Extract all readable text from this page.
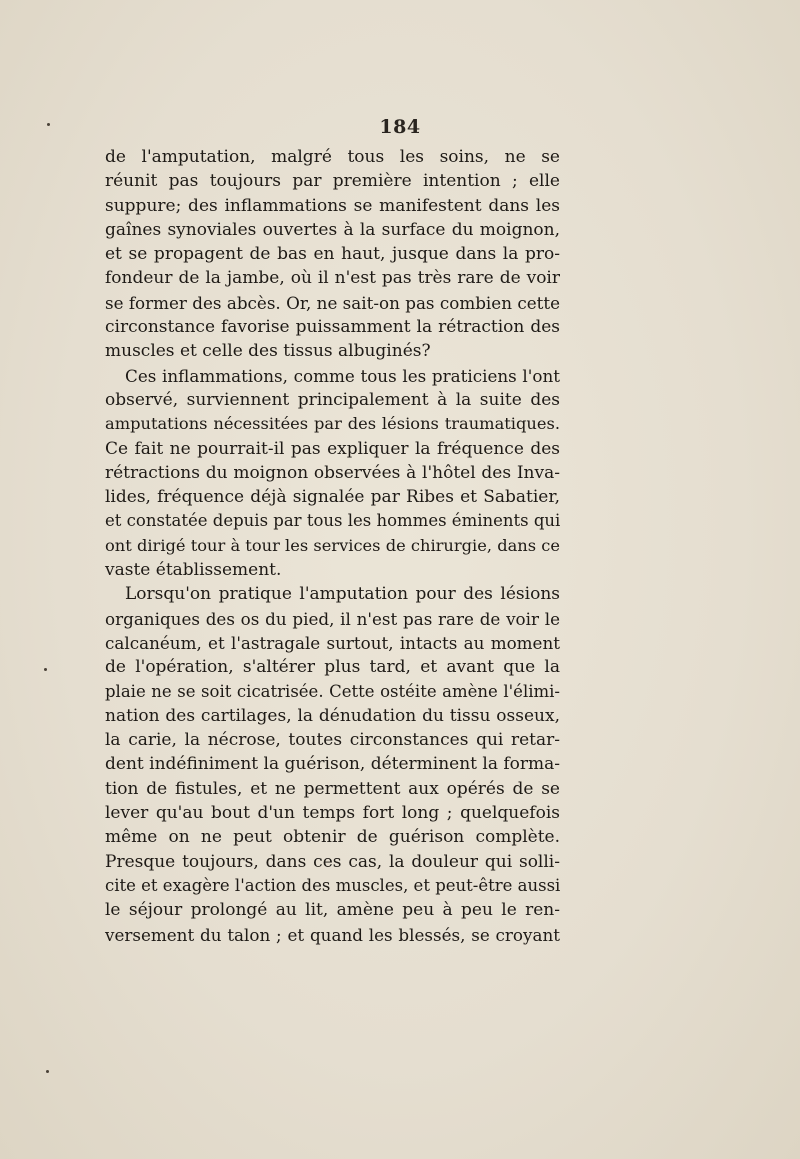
184
de l'amputation, malgré tous les soins, ne se
réunit pas toujours par première intention ; elle
suppure; des inflammations se manifestent dans les
gaînes synoviales ouvertes à la surface du moignon,
et se propagent de bas en haut, jusque dans la pro-
fondeur de la jambe, où il n'est pas très rare de voir
se former des abcès. Or, ne sait-on pas combien cette
circonstance favorise puissamment la rétraction des
muscles et celle des tissus albuginés?
Ces inflammations, comme tous les praticiens l'ont
observé, surviennent principalement à la suite des
amputations nécessitées par des lésions traumatiques.
Ce fait ne pourrait-il pas expliquer la fréquence des
rétractions du moignon observées à l'hôtel des Inva-
lides, fréquence déjà signalée par Ribes et Sabatier,
et constatée depuis par tous les hommes éminents qui
ont dirigé tour à tour les services de chirurgie, dans ce
vaste établissement.
Lorsqu'on pratique l'amputation pour des lésions
organiques des os du pied, il n'est pas rare de voir le
calcanéum, et l'astragale surtout, intacts au moment
de l'opération, s'altérer plus tard, et avant que la
plaie ne se soit cicatrisée. Cette ostéite amène l'élimi-
nation des cartilages, la dénudation du tissu osseux,
la carie, la nécrose, toutes circonstances qui retar-
dent indéfiniment la guérison, déterminent la forma-
tion de fistules, et ne permettent aux opérés de se
lever qu'au bout d'un temps fort long ; quelquefois
même on ne peut obtenir de guérison complète.
Presque toujours, dans ces cas, la douleur qui solli-
cite et exagère l'action des muscles, et peut-être aussi
le séjour prolongé au lit, amène peu à peu le ren-
versement du talon ; et quand les blessés, se croyant
